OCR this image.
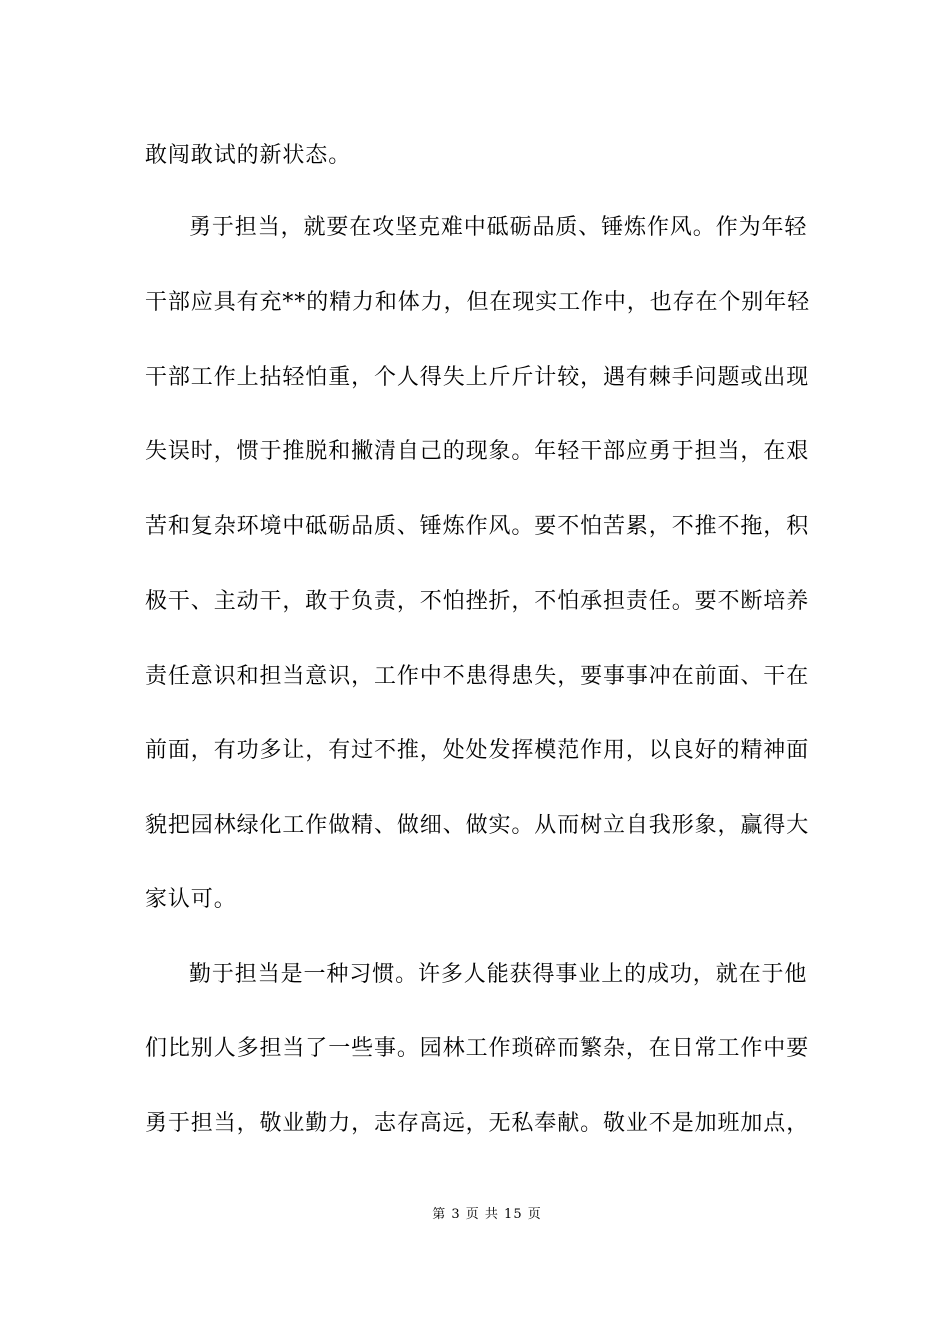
敢闯敢试的新状态。
勇于担当，就要在攻坚克难中砥砺品质、锤炼作风。作为年轻
干部应具有充**的精力和体力，但在现实工作中，也存在个别年轻
干部工作上拈轻怕重，个人得失上斤斤计较，遇有棘手问题或出现
失误时，惯于推脱和撇清自己的现象。年轻干部应勇于担当，在艰
苦和复杂环境中砥砺品质、锤炼作风。要不怕苦累，不推不拖，积
极干、主动干，敢于负责，不怕挫折，不怕承担责任。要不断培养
责任意识和担当意识，工作中不患得患失，要事事冲在前面、干在
前面，有功多让，有过不推，处处发挥模范作用，以良好的精神面
貌把园林绿化工作做精、做细、做实。从而树立自我形象，赢得大
家认可。
勤于担当是一种习惯。许多人能获得事业上的成功，就在于他
们比别人多担当了一些事。园林工作琐碎而繁杂，在日常工作中要
勇于担当，敬业勤力，志存高远，无私奉献。敬业不是加班加点，
第 3 页 共 15 页
